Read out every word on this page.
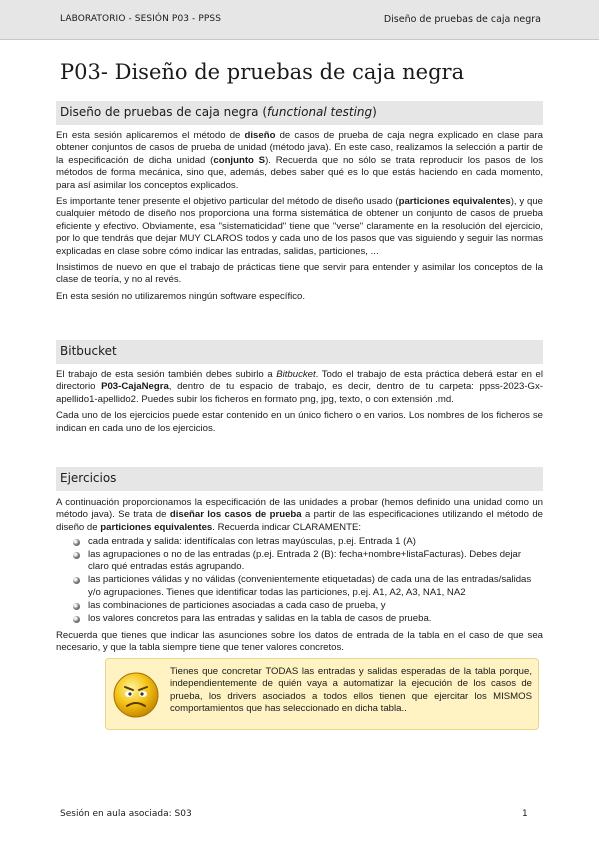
LABORATORIO - SESIÓN P03 - PPSS	Diseño de pruebas de caja negra
P03- Diseño de pruebas de caja negra
Diseño de pruebas de caja negra (functional testing)

En esta sesión aplicaremos el método de diseño de casos de prueba de caja negra explicado en clase para obtener conjuntos de casos de prueba de unidad (método java). En este caso, realizamos la selección a partir de la especificación de dicha unidad (conjunto S). Recuerda que no sólo se trata reproducir los pasos de los métodos de forma mecánica, sino que, además, debes saber qué es lo que estás haciendo en cada momento, para así asimilar los conceptos explicados.

Es importante tener presente el objetivo particular del método de diseño usado (particiones equivalentes), y que cualquier método de diseño nos proporciona una forma sistemática de obtener un conjunto de casos de prueba eficiente y efectivo. Obviamente, esa "sistematicidad" tiene que "verse" claramente en la resolución del ejercicio, por lo que tendrás que dejar MUY CLAROS todos y cada uno de los pasos que vas siguiendo y seguir las normas explicadas en clase sobre cómo indicar las entradas, salidas, particiones, ...

Insistimos de nuevo en que el trabajo de prácticas tiene que servir para entender y asimilar los conceptos de la clase de teoría, y no al revés.

En esta sesión no utilizaremos ningún software específico.

Bitbucket

El trabajo de esta sesión también debes subirlo a Bitbucket. Todo el trabajo de esta práctica deberá estar en el directorio P03-CajaNegra, dentro de tu espacio de trabajo, es decir, dentro de tu carpeta: ppss-2023-Gx-apellido1-apellido2. Puedes subir los ficheros en formato png, jpg, texto, o con extensión .md.

Cada uno de los ejercicios puede estar contenido en un único fichero o en varios. Los nombres de los ficheros se indican en cada uno de los ejercicios.

Ejercicios

A continuación proporcionamos la especificación de las unidades a probar (hemos definido una unidad como un método java). Se trata de diseñar los casos de prueba a partir de las especificaciones utilizando el método de diseño de particiones equivalentes. Recuerda indicar CLARAMENTE:

cada entrada y salida: identifícalas con letras mayúsculas, p.ej. Entrada 1 (A)
las agrupaciones o no de las entradas (p.ej. Entrada 2 (B): fecha+nombre+listaFacturas). Debes dejar claro qué entradas estás agrupando.
las particiones válidas y no válidas (convenientemente etiquetadas) de cada una de las entradas/salidas y/o agrupaciones. Tienes que identificar todas las particiones, p.ej. A1, A2, A3, NA1, NA2
las combinaciones de particiones asociadas a cada caso de prueba, y
los valores concretos para las entradas y salidas en la tabla de casos de prueba.

Recuerda que tienes que indicar las asunciones sobre los datos de entrada de la tabla en el caso de que sea necesario, y que la tabla siempre tiene que tener valores concretos.

Tienes que concretar TODAS las entradas y salidas esperadas de la tabla porque, independientemente de quién vaya a automatizar la ejecución de los casos de prueba, los drivers asociados a todos ellos tienen que ejercitar los MISMOS comportamientos que has seleccionado en dicha tabla..
Sesión en aula asociada: S03	1
